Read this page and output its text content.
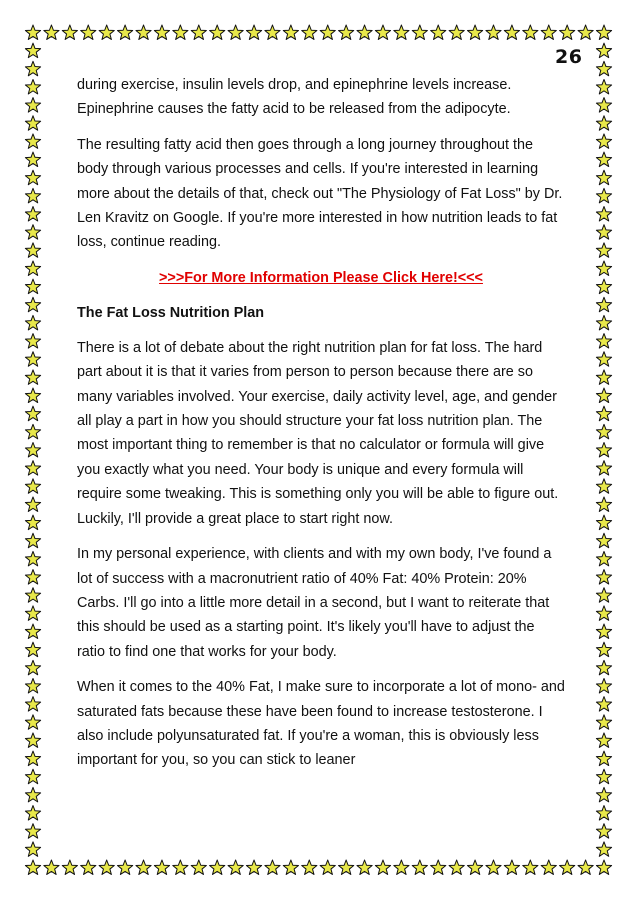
26

during exercise, insulin levels drop, and epinephrine levels increase. Epinephrine causes the fatty acid to be released from the adipocyte.

The resulting fatty acid then goes through a long journey throughout the body through various processes and cells. If you're interested in learning more about the details of that, check out "The Physiology of Fat Loss" by Dr. Len Kravitz on Google. If you're more interested in how nutrition leads to fat loss, continue reading.

>>>For More Information Please Click Here!<<<
The Fat Loss Nutrition Plan

There is a lot of debate about the right nutrition plan for fat loss. The hard part about it is that it varies from person to person because there are so many variables involved. Your exercise, daily activity level, age, and gender all play a part in how you should structure your fat loss nutrition plan. The most important thing to remember is that no calculator or formula will give you exactly what you need. Your body is unique and every formula will require some tweaking. This is something only you will be able to figure out. Luckily, I'll provide a great place to start right now.

In my personal experience, with clients and with my own body, I've found a lot of success with a macronutrient ratio of 40% Fat: 40% Protein: 20% Carbs. I'll go into a little more detail in a second, but I want to reiterate that this should be used as a starting point. It's likely you'll have to adjust the ratio to find one that works for your body.

When it comes to the 40% Fat, I make sure to incorporate a lot of mono- and saturated fats because these have been found to increase testosterone. I also include polyunsaturated fat. If you're a woman, this is obviously less important for you, so you can stick to leaner
